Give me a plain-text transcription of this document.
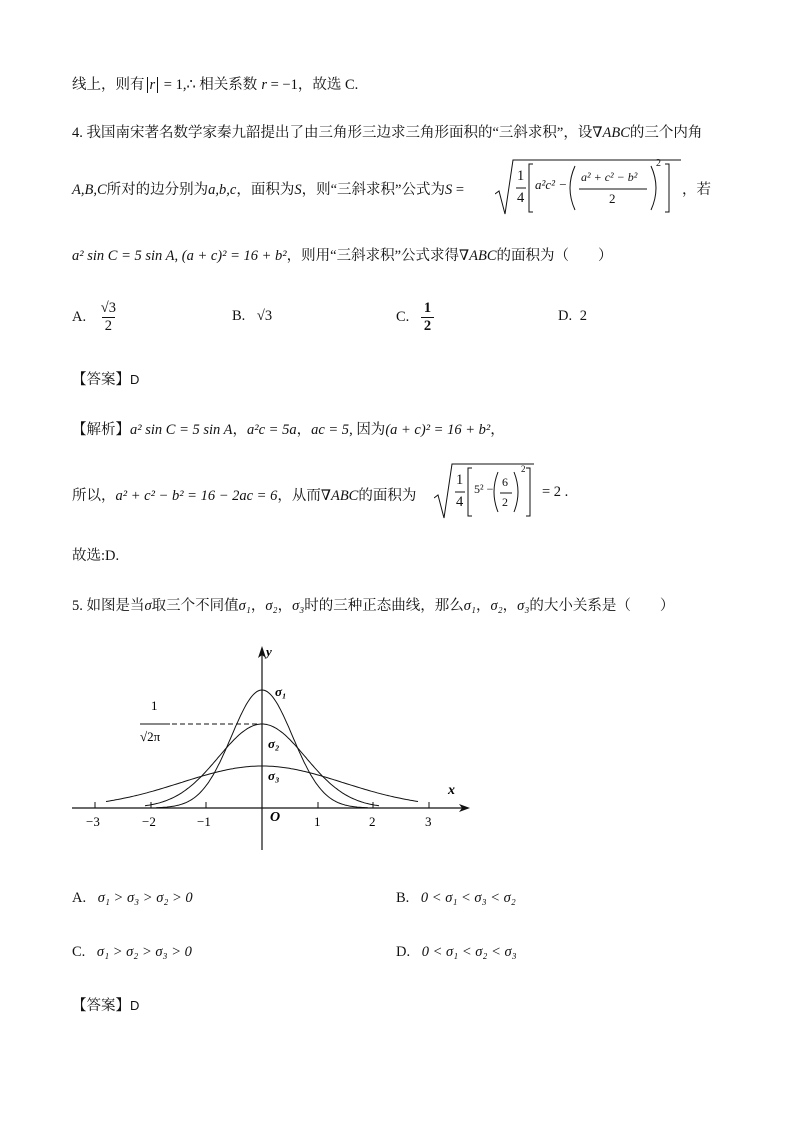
线上，则有 r = 1,∴ 相关系数 r = −1，故选 C.
4. 我国南宋著名数学家秦九韶提出了由三角形三边求三角形面积的“三斜求积”，设∇ABC的三个内角
A,B,C所对的边分别为a,b,c，面积为S，则“三斜求积”公式为S =
1
4
a²c² − a² + c² − b²
2
2
，若
a² sin C = 5 sin A, (a + c)² = 16 + b²，则用“三斜求积”公式求得∇ABC的面积为（　　）
A. $\frac{√3}{2}$	B. √3	C. $\frac{1}{2}$	D. 2
【答案】D
【解析】a² sin C = 5 sin A，a²c = 5a，ac = 5, 因为(a + c)² = 16 + b²，
所以，a² + c² − b² = 16 − 2ac = 6，从而∇ABC的面积为
1
4
5² − 6
2
2
= 2 .
故选:D.
5. 如图是当σ取三个不同值σ₁，σ₂，σ₃时的三种正态曲线，那么σ₁，σ₂，σ₃的大小关系是（　　）
y
x
O
−3	−2	−1	1	2	3
σ₁
σ₂
σ₃
1
√2π
A. σ₁ > σ₃ > σ₂ > 0	B. 0 < σ₁ < σ₃ < σ₂
C. σ₁ > σ₂ > σ₃ > 0	D. 0 < σ₁ < σ₂ < σ₃
【答案】D
